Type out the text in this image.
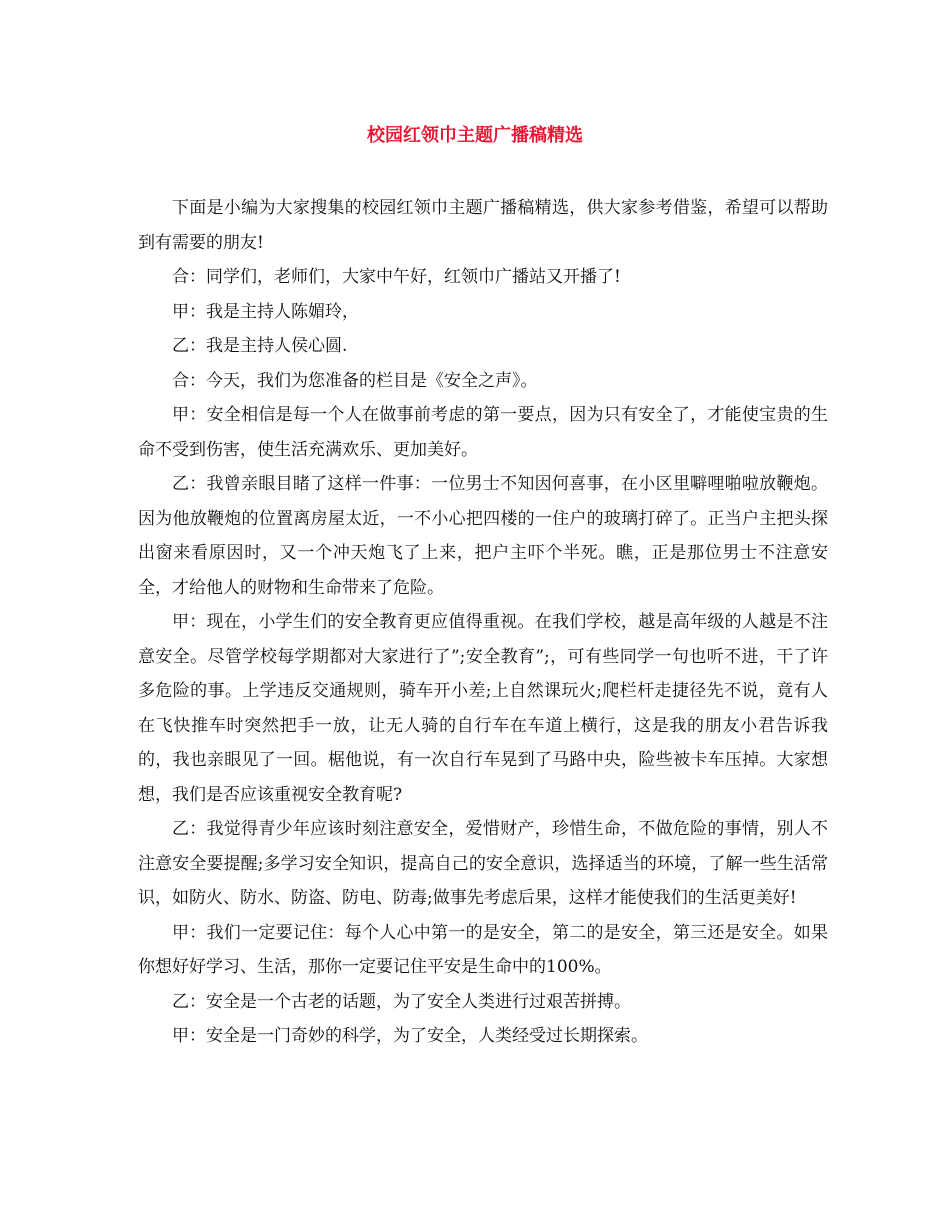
校园红领巾主题广播稿精选

下面是小编为大家搜集的校园红领巾主题广播稿精选，供大家参考借鉴，希望可以帮助到有需要的朋友!

合：同学们，老师们，大家中午好，红领巾广播站又开播了!

甲：我是主持人陈媚玲，

乙：我是主持人侯心圆.

合：今天，我们为您准备的栏目是《安全之声》。

甲：安全相信是每一个人在做事前考虑的第一要点，因为只有安全了，才能使宝贵的生命不受到伤害，使生活充满欢乐、更加美好。

乙：我曾亲眼目睹了这样一件事：一位男士不知因何喜事，在小区里噼哩啪啦放鞭炮。因为他放鞭炮的位置离房屋太近，一不小心把四楼的一住户的玻璃打碎了。正当户主把头探出窗来看原因时，又一个冲天炮飞了上来，把户主吓个半死。瞧，正是那位男士不注意安全，才给他人的财物和生命带来了危险。

甲：现在，小学生们的安全教育更应值得重视。在我们学校，越是高年级的人越是不注意安全。尽管学校每学期都对大家进行了”;安全教育”;，可有些同学一句也听不进，干了许多危险的事。上学违反交通规则，骑车开小差;上自然课玩火;爬栏杆走捷径先不说，竟有人在飞快推车时突然把手一放，让无人骑的自行车在车道上横行，这是我的朋友小君告诉我的，我也亲眼见了一回。椐他说，有一次自行车晃到了马路中央，险些被卡车压掉。大家想想，我们是否应该重视安全教育呢?

乙：我觉得青少年应该时刻注意安全，爱惜财产，珍惜生命，不做危险的事情，别人不注意安全要提醒;多学习安全知识，提高自己的安全意识，选择适当的环境，了解一些生活常识，如防火、防水、防盗、防电、防毒;做事先考虑后果，这样才能使我们的生活更美好!

甲：我们一定要记住：每个人心中第一的是安全，第二的是安全，第三还是安全。如果你想好好学习、生活，那你一定要记住平安是生命中的100%。

乙：安全是一个古老的话题，为了安全人类进行过艰苦拼搏。

甲：安全是一门奇妙的科学，为了安全，人类经受过长期探索。
